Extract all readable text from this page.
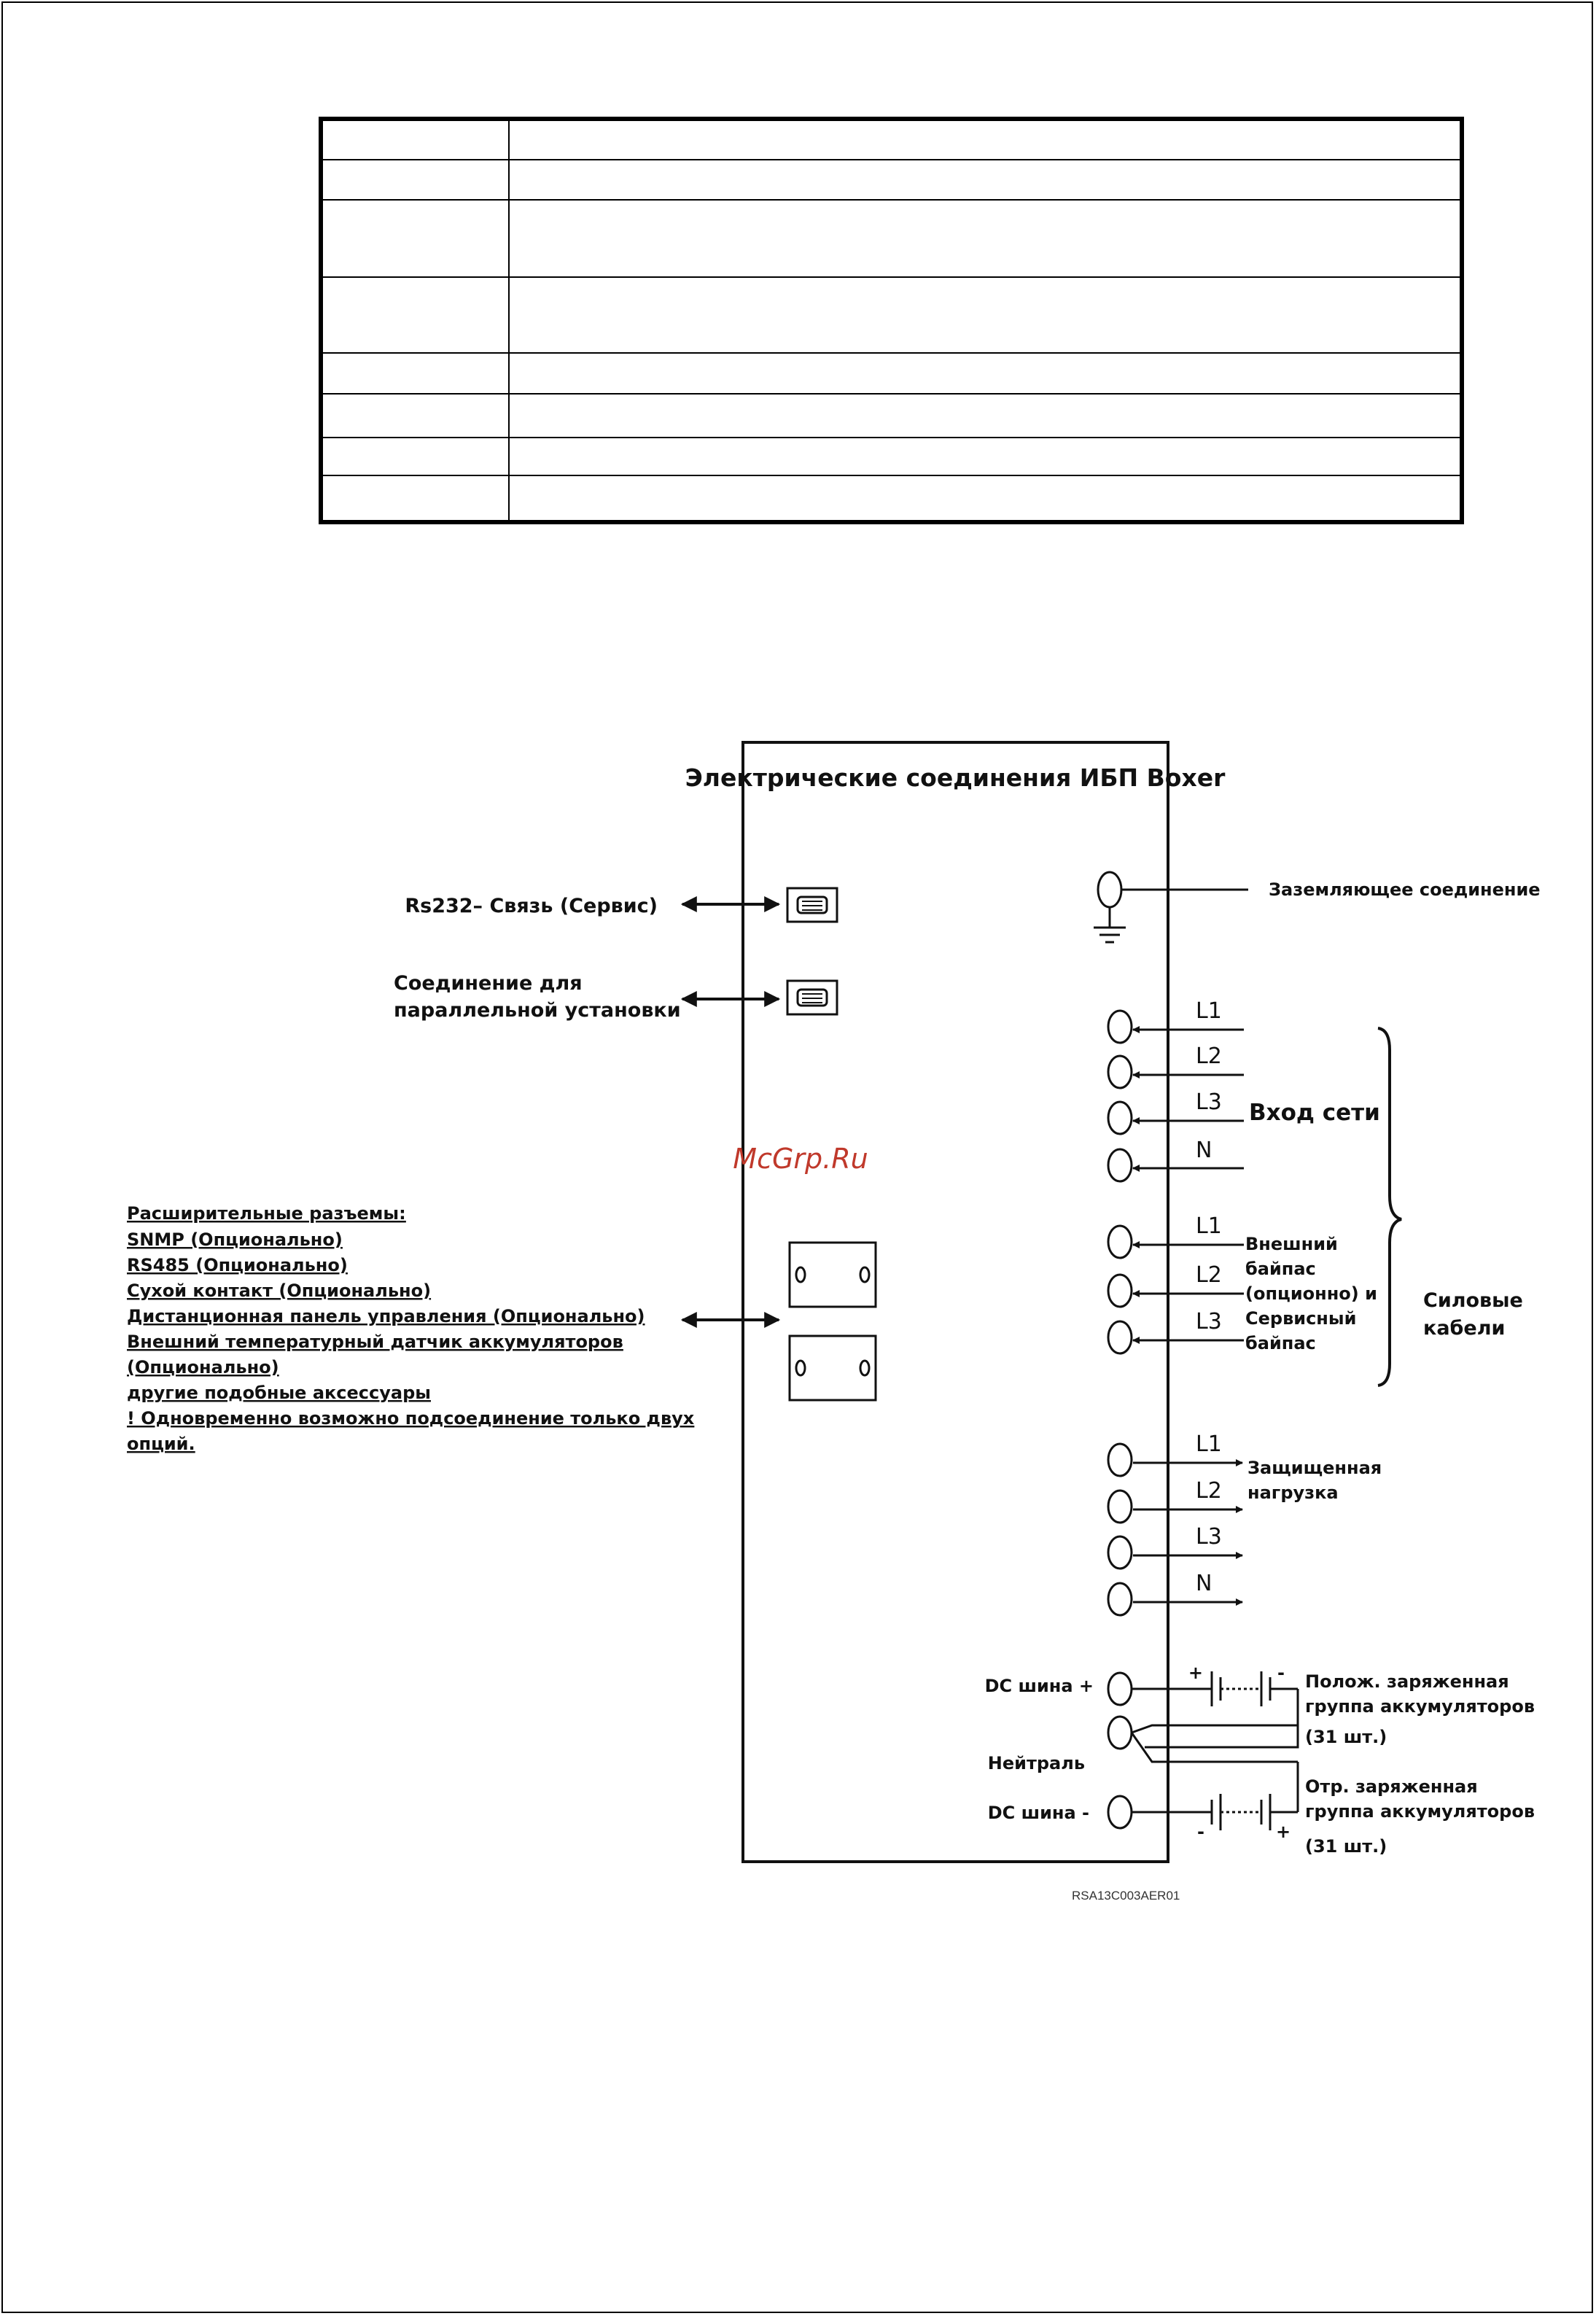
Электрические соединения ИБП Boxer
McGrp.Ru
Rs232– Связь (Сервис)
Соединение для
параллельной установки
Расширительные разъемы:
SNMP (Опционально)
RS485 (Опционально)
Сухой контакт (Опционально)
Дистанционная панель управления (Опционально)
Внешний температурный датчик аккумуляторов
(Опционально)
другие подобные аксессуары
! Одновременно возможно подсоединение только двух
опций.
Заземляющее соединение
L1
L2
L3
N
L1
L2
L3
L1
L2
L3
N
Вход сети
Внешний
байпас
(опционно) и
Сервисный
байпас
Защищенная
нагрузка
Силовые
кабели
DC шина +
Нейтраль
DC шина -
+	-
-	+
Полож. заряженная
группа аккумуляторов
(31 шт.)
Отр. заряженная
группа аккумуляторов
(31 шт.)
RSA13C003AER01
